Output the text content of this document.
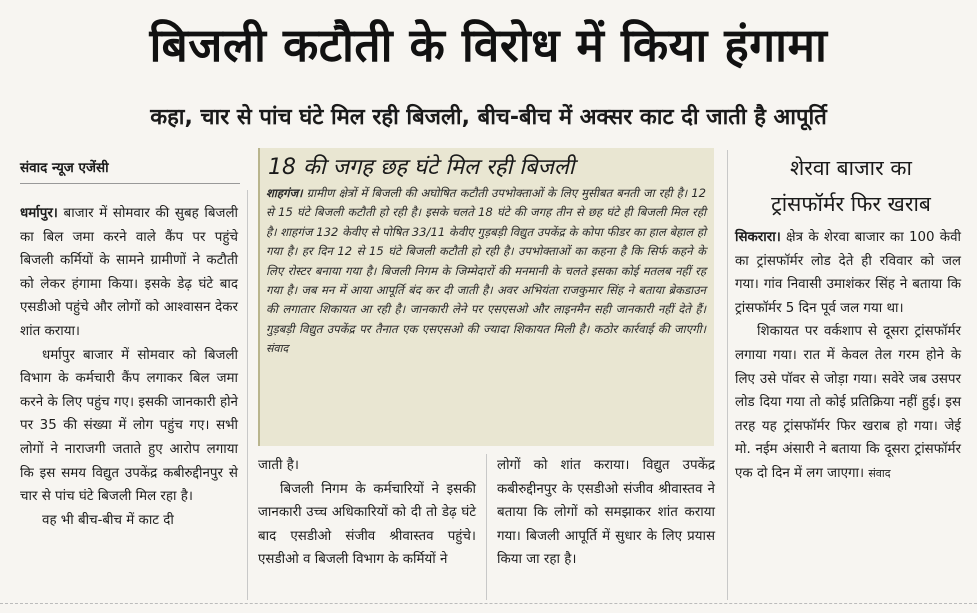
बिजली कटौती के विरोध में किया हंगामा
कहा, चार से पांच घंटे मिल रही बिजली, बीच-बीच में अक्सर काट दी जाती है आपूर्ति
संवाद न्यूज एजेंसी

धर्मापुर। बाजार में सोमवार की सुबह बिजली का बिल जमा करने वाले कैंप पर पहुंचे बिजली कर्मियों के सामने ग्रामीणों ने कटौती को लेकर हंगामा किया। इसके डेढ़ घंटे बाद एसडीओ पहुंचे और लोगों को आश्वासन देकर शांत कराया।

धर्मापुर बाजार में सोमवार को बिजली विभाग के कर्मचारी कैंप लगाकर बिल जमा करने के लिए पहुंच गए। इसकी जानकारी होने पर 35 की संख्या में लोग पहुंच गए। सभी लोगों ने नाराजगी जताते हुए आरोप लगाया कि इस समय विद्युत उपकेंद्र कबीरुद्दीनपुर से चार से पांच घंटे बिजली मिल रहा है।

वह भी बीच-बीच में काट दी

18 की जगह छह घंटे मिल रही बिजली

शाहगंज। ग्रामीण क्षेत्रों में बिजली की अघोषित कटौती उपभोक्ताओं के लिए मुसीबत बनती जा रही है। 12 से 15 घंटे बिजली कटौती हो रही है। इसके चलते 18 घंटे की जगह तीन से छह घंटे ही बिजली मिल रही है। शाहगंज 132 केवीए से पोषित 33/11 केवीए गुड़बड़ी विद्युत उपकेंद्र के कोपा फीडर का हाल बेहाल हो गया है। हर दिन 12 से 15 घंटे बिजली कटौती हो रही है। उपभोक्ताओं का कहना है कि सिर्फ कहने के लिए रोस्टर बनाया गया है। बिजली निगम के जिम्मेदारों की मनमानी के चलते इसका कोई मतलब नहीं रह गया है। जब मन में आया आपूर्ति बंद कर दी जाती है। अवर अभियंता राजकुमार सिंह ने बताया ब्रेकडाउन की लगातार शिकायत आ रही है। जानकारी लेने पर एसएसओ और लाइनमैन सही जानकारी नहीं देते हैं। गुड़बड़ी विद्युत उपकेंद्र पर तैनात एक एसएसओ की ज्यादा शिकायत मिली है। कठोर कार्रवाई की जाएगी। संवाद

जाती है।

बिजली निगम के कर्मचारियों ने इसकी जानकारी उच्च अधिकारियों को दी तो डेढ़ घंटे बाद एसडीओ संजीव श्रीवास्तव पहुंचे। एसडीओ व बिजली विभाग के कर्मियों ने

लोगों को शांत कराया। विद्युत उपकेंद्र कबीरुद्दीनपुर के एसडीओ संजीव श्रीवास्तव ने बताया कि लोगों को समझाकर शांत कराया गया। बिजली आपूर्ति में सुधार के लिए प्रयास किया जा रहा है।

शेरवा बाजार का
ट्रांसफॉर्मर फिर खराब

सिकरारा। क्षेत्र के शेरवा बाजार का 100 केवी का ट्रांसफॉर्मर लोड देते ही रविवार को जल गया। गांव निवासी उमाशंकर सिंह ने बताया कि ट्रांसफॉर्मर 5 दिन पूर्व जल गया था।

शिकायत पर वर्कशाप से दूसरा ट्रांसफॉर्मर लगाया गया। रात में केवल तेल गरम होने के लिए उसे पॉवर से जोड़ा गया। सवेरे जब उसपर लोड दिया गया तो कोई प्रतिक्रिया नहीं हुई। इस तरह यह ट्रांसफॉर्मर फिर खराब हो गया। जेई मो. नईम अंसारी ने बताया कि दूसरा ट्रांसफॉर्मर एक दो दिन में लग जाएगा। संवाद
